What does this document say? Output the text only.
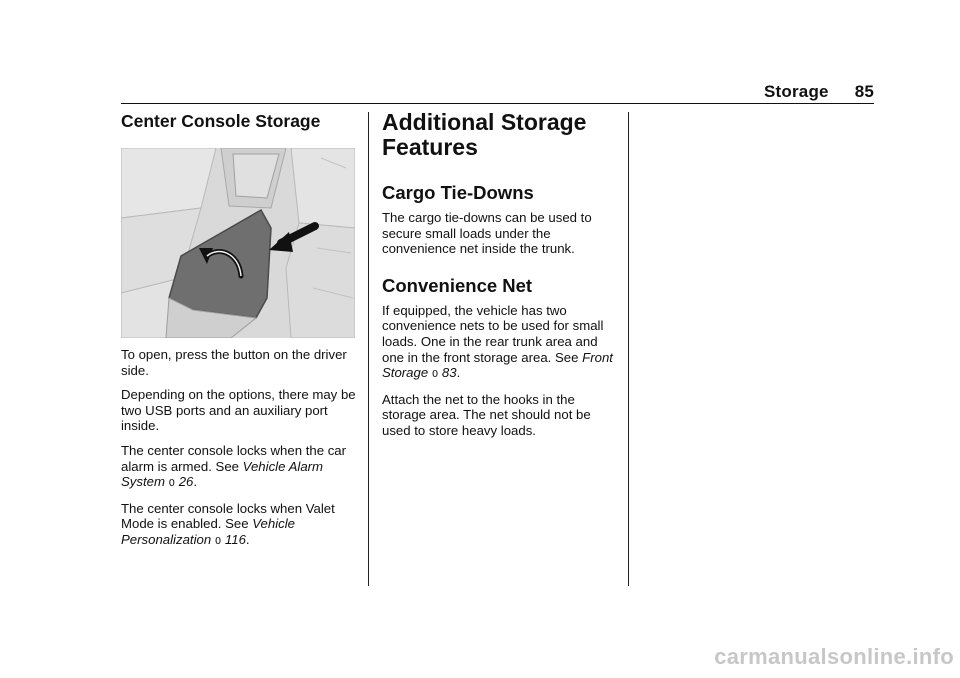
Storage 85
Center Console Storage

To open, press the button on the driver side.

Depending on the options, there may be two USB ports and an auxiliary port inside.

The center console locks when the car alarm is armed. See Vehicle Alarm System 0 26.

The center console locks when Valet Mode is enabled. See Vehicle Personalization 0 116.

Additional Storage
Features
Cargo Tie-Downs

The cargo tie-downs can be used to secure small loads under the convenience net inside the trunk.

Convenience Net

If equipped, the vehicle has two convenience nets to be used for small loads. One in the rear trunk area and one in the front storage area. See Front Storage 0 83.

Attach the net to the hooks in the storage area. The net should not be used to store heavy loads.

carmanualsonline.info
